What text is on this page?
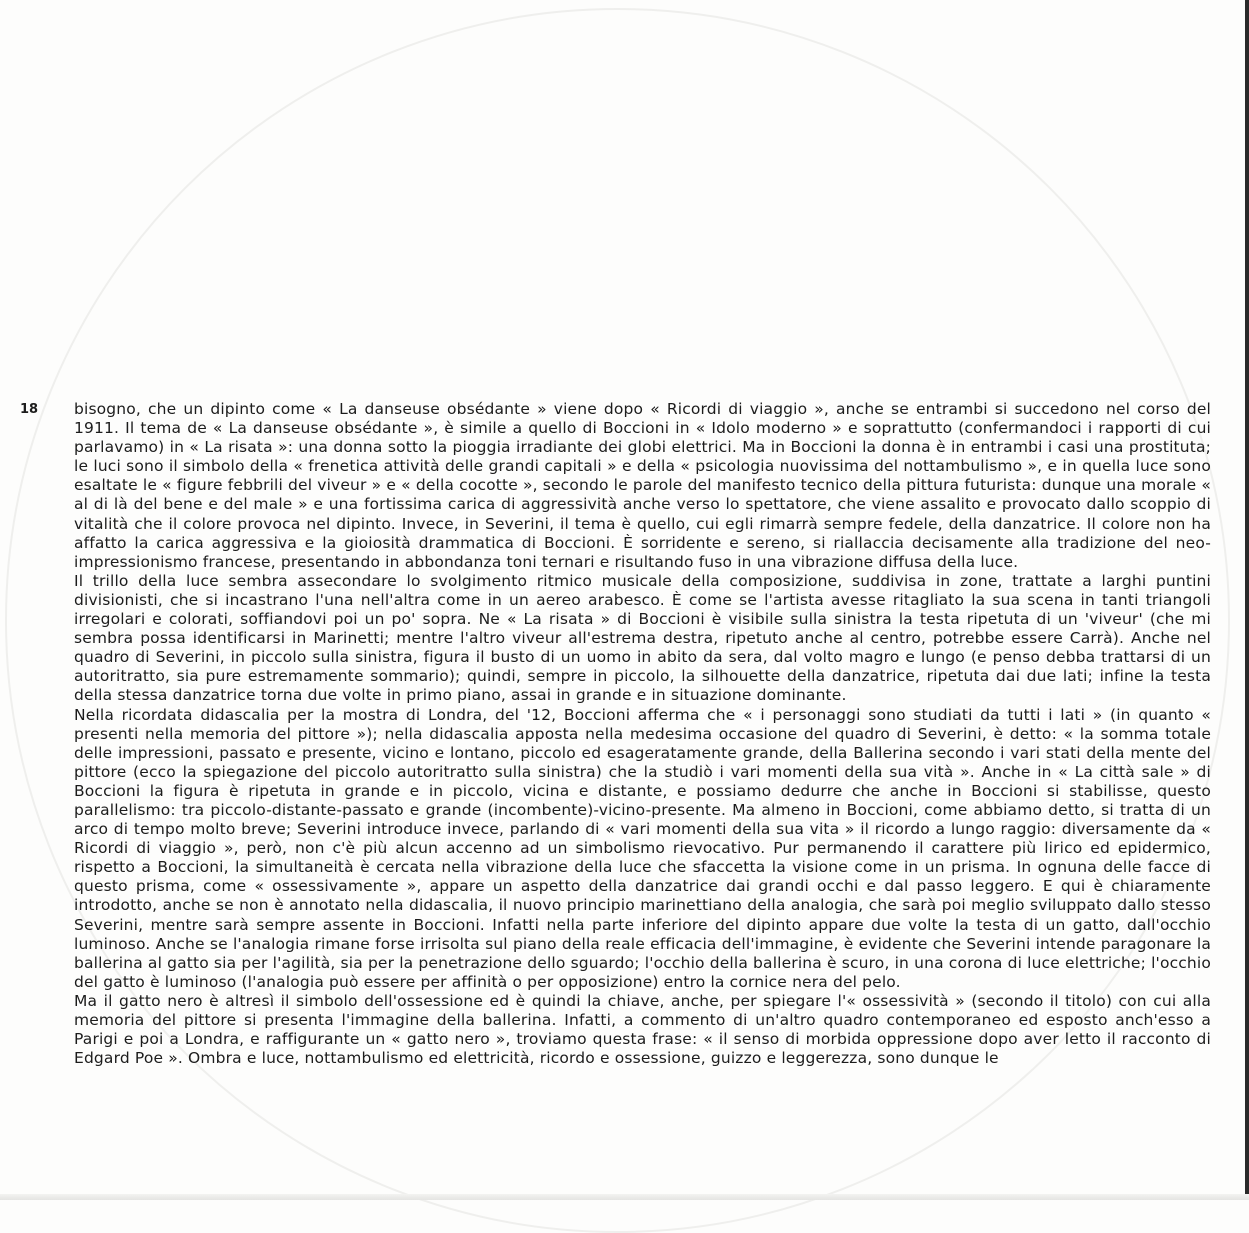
18 bisogno, che un dipinto come « La danseuse obsédante » viene dopo « Ricordi di viaggio », anche se entrambi si succedono nel corso del 1911. Il tema de « La danseuse obsédante », è simile a quello di Boccioni in « Idolo moderno » e soprattutto (confermandoci i rapporti di cui parlavamo) in « La risata »: una donna sotto la pioggia irradiante dei globi elettrici. Ma in Boccioni la donna è in entrambi i casi una prostituta; le luci sono il simbolo della « frenetica attività delle grandi capitali » e della « psicologia nuovissima del nottambulismo », e in quella luce sono esaltate le « figure febbrili del viveur » e « della cocotte », secondo le parole del manifesto tecnico della pittura futurista: dunque una morale « al di là del bene e del male » e una fortissima carica di aggressività anche verso lo spettatore, che viene assalito e provocato dallo scoppio di vitalità che il colore provoca nel dipinto. Invece, in Severini, il tema è quello, cui egli rimarrà sempre fedele, della danzatrice. Il colore non ha affatto la carica aggressiva e la gioiosità drammatica di Boccioni. È sorridente e sereno, si riallaccia decisamente alla tradizione del neo-impressionismo francese, presentando in abbondanza toni ternari e risultando fuso in una vibrazione diffusa della luce.

Il trillo della luce sembra assecondare lo svolgimento ritmico musicale della composizione, suddivisa in zone, trattate a larghi puntini divisionisti, che si incastrano l'una nell'altra come in un aereo arabesco. È come se l'artista avesse ritagliato la sua scena in tanti triangoli irregolari e colorati, soffiandovi poi un po' sopra. Ne « La risata » di Boccioni è visibile sulla sinistra la testa ripetuta di un 'viveur' (che mi sembra possa identificarsi in Marinetti; mentre l'altro viveur all'estrema destra, ripetuto anche al centro, potrebbe essere Carrà). Anche nel quadro di Severini, in piccolo sulla sinistra, figura il busto di un uomo in abito da sera, dal volto magro e lungo (e penso debba trattarsi di un autoritratto, sia pure estremamente sommario); quindi, sempre in piccolo, la silhouette della danzatrice, ripetuta dai due lati; infine la testa della stessa danzatrice torna due volte in primo piano, assai in grande e in situazione dominante.

Nella ricordata didascalia per la mostra di Londra, del '12, Boccioni afferma che « i personaggi sono studiati da tutti i lati » (in quanto « presenti nella memoria del pittore »); nella didascalia apposta nella medesima occasione del quadro di Severini, è detto: « la somma totale delle impressioni, passato e presente, vicino e lontano, piccolo ed esageratamente grande, della Ballerina secondo i vari stati della mente del pittore (ecco la spiegazione del piccolo autoritratto sulla sinistra) che la studiò i vari momenti della sua vità ». Anche in « La città sale » di Boccioni la figura è ripetuta in grande e in piccolo, vicina e distante, e possiamo dedurre che anche in Boccioni si stabilisse, questo parallelismo: tra piccolo-distante-passato e grande (incombente)-vicino-presente. Ma almeno in Boccioni, come abbiamo detto, si tratta di un arco di tempo molto breve; Severini introduce invece, parlando di « vari momenti della sua vita » il ricordo a lungo raggio: diversamente da « Ricordi di viaggio », però, non c'è più alcun accenno ad un simbolismo rievocativo. Pur permanendo il carattere più lirico ed epidermico, rispetto a Boccioni, la simultaneità è cercata nella vibrazione della luce che sfaccetta la visione come in un prisma. In ognuna delle facce di questo prisma, come « ossessivamente », appare un aspetto della danzatrice dai grandi occhi e dal passo leggero. E qui è chiaramente introdotto, anche se non è annotato nella didascalia, il nuovo principio marinettiano della analogia, che sarà poi meglio sviluppato dallo stesso Severini, mentre sarà sempre assente in Boccioni. Infatti nella parte inferiore del dipinto appare due volte la testa di un gatto, dall'occhio luminoso. Anche se l'analogia rimane forse irrisolta sul piano della reale efficacia dell'immagine, è evidente che Severini intende paragonare la ballerina al gatto sia per l'agilità, sia per la penetrazione dello sguardo; l'occhio della ballerina è scuro, in una corona di luce elettriche; l'occhio del gatto è luminoso (l'analogia può essere per affinità o per opposizione) entro la cornice nera del pelo.

Ma il gatto nero è altresì il simbolo dell'ossessione ed è quindi la chiave, anche, per spiegare l'« ossessività » (secondo il titolo) con cui alla memoria del pittore si presenta l'immagine della ballerina. Infatti, a commento di un'altro quadro contemporaneo ed esposto anch'esso a Parigi e poi a Londra, e raffigurante un « gatto nero », troviamo questa frase: « il senso di morbida oppressione dopo aver letto il racconto di Edgard Poe ». Ombra e luce, nottambulismo ed elettricità, ricordo e ossessione, guizzo e leggerezza, sono dunque le
